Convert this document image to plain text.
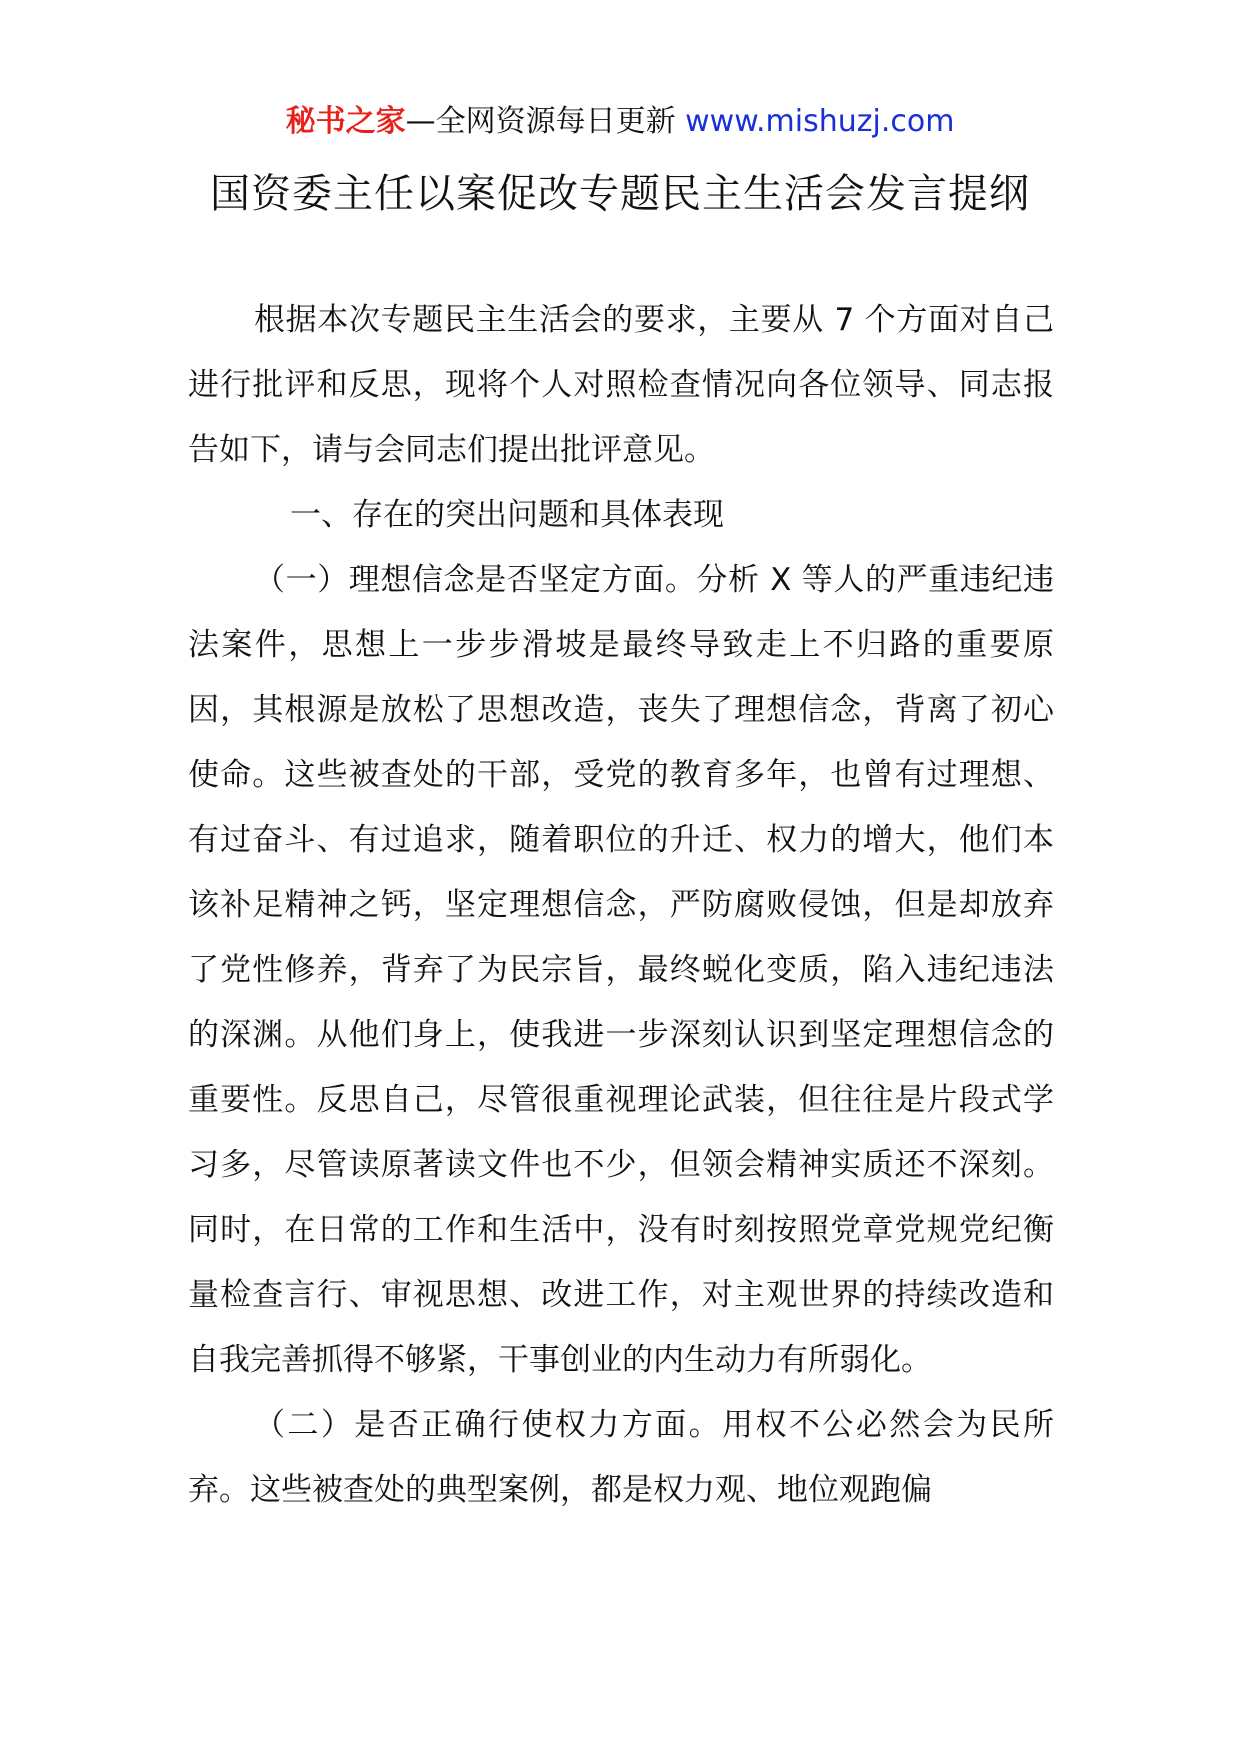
秘书之家—全网资源每日更新 www.mishuzj.com
国资委主任以案促改专题民主生活会发言提纲

根据本次专题民主生活会的要求，主要从 7 个方面对自己进行批评和反思，现将个人对照检查情况向各位领导、同志报告如下，请与会同志们提出批评意见。

一、存在的突出问题和具体表现

（一）理想信念是否坚定方面。分析 X 等人的严重违纪违法案件，思想上一步步滑坡是最终导致走上不归路的重要原因，其根源是放松了思想改造，丧失了理想信念，背离了初心使命。这些被查处的干部，受党的教育多年，也曾有过理想、有过奋斗、有过追求，随着职位的升迁、权力的增大，他们本该补足精神之钙，坚定理想信念，严防腐败侵蚀，但是却放弃了党性修养，背弃了为民宗旨，最终蜕化变质，陷入违纪违法的深渊。从他们身上，使我进一步深刻认识到坚定理想信念的重要性。反思自己，尽管很重视理论武装，但往往是片段式学习多，尽管读原著读文件也不少，但领会精神实质还不深刻。同时，在日常的工作和生活中，没有时刻按照党章党规党纪衡量检查言行、审视思想、改进工作，对主观世界的持续改造和自我完善抓得不够紧，干事创业的内生动力有所弱化。

（二）是否正确行使权力方面。用权不公必然会为民所弃。这些被查处的典型案例，都是权力观、地位观跑偏
